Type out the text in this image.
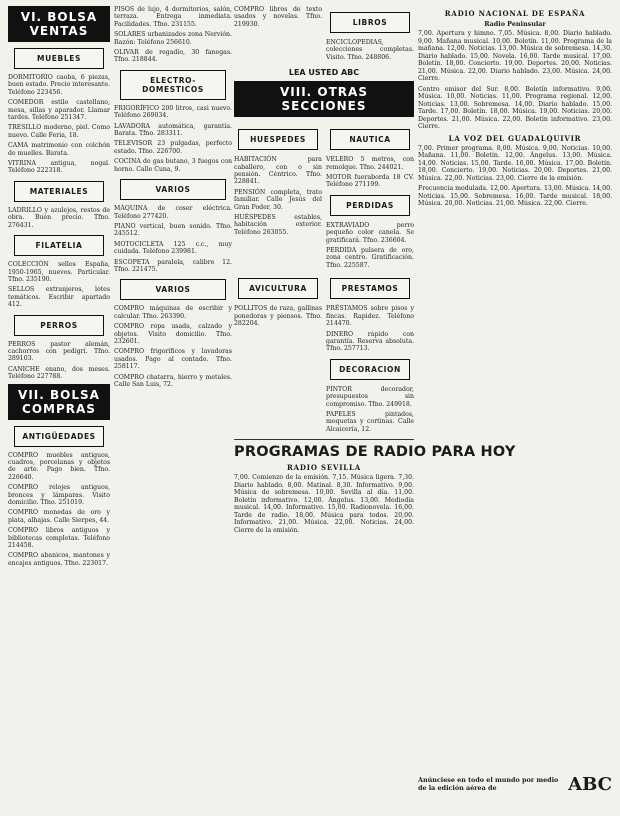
VI. BOLSA VENTAS
MUEBLES

DORMITORIO caoba, 6 piezas, buen estado. Precio interesante. Teléfono 223456.

COMEDOR estilo castellano, mesa, sillas y aparador. Llamar tardes. Teléfono 251347.

TRESILLO moderno, piel. Como nuevo. Calle Feria, 18.

CAMA matrimonio con colchón de muelles. Barata.

VITRINA antigua, nogal. Teléfono 222318.

MATERIALES

LADRILLO y azulejos, restos de obra. Buen precio. Tfno. 276431.

FILATELIA

COLECCIÓN sellos España, 1950-1965, nuevos. Particular. Tfno. 235190.

SELLOS extranjeros, lotes temáticos. Escribir apartado 412.

PERROS

PERROS pastor alemán, cachorros con pedigrí. Tfno. 289103.

CANICHE enano, dos meses. Teléfono 227788.

VII. BOLSA COMPRAS
ANTIGÜEDADES

COMPRO muebles antiguos, cuadros, porcelanas y objetos de arte. Pago bien. Tfno. 226640.

COMPRO relojes antiguos, bronces y lámparas. Visito domicilio. Tfno. 251019.

COMPRO monedas de oro y plata, alhajas. Calle Sierpes, 44.

COMPRO libros antiguos y bibliotecas completas. Teléfono 214458.

COMPRO abanicos, mantones y encajes antiguos. Tfno. 223017.

PISOS de lujo, 4 dormitorios, salón, terraza. Entrega inmediata. Facilidades. Tfno. 231155.

SOLARES urbanizados zona Nervión. Razón: Teléfono 256610.

OLIVAR de regadío, 30 fanegas. Tfno. 218844.

ELECTRO-DOMESTICOS

FRIGORÍFICO 200 litros, casi nuevo. Teléfono 269034.

LAVADORA automática, garantía. Barata. Tfno. 283311.

TELEVISOR 23 pulgadas, perfecto estado. Tfno. 226700.

COCINA de gas butano, 3 fuegos con horno. Calle Cuna, 9.

VARIOS

MÁQUINA de coser eléctrica. Teléfono 277420.

PIANO vertical, buen sonido. Tfno. 245512.

MOTOCICLETA 125 c.c., muy cuidada. Teléfono 239981.

ESCOPETA paralela, calibre 12. Tfno. 221475.

VARIOS

COMPRO máquinas de escribir y calcular. Tfno. 263390.

COMPRO ropa usada, calzado y objetos. Visito domicilio. Tfno. 232601.

COMPRO frigoríficos y lavadoras usados. Pago al contado. Tfno. 258117.

COMPRO chatarra, hierro y metales. Calle San Luis, 72.

COMPRO libros de texto usados y novelas. Tfno. 219930.	LIBROS

ENCICLOPEDIAS, colecciones completas. Visito. Tfno. 248806.

LEA USTED ABC
VIII. OTRAS SECCIONES
HUESPEDES

HABITACIÓN para caballero, con o sin pensión. Céntrico. Tfno. 228841.

PENSIÓN completa, trato familiar. Calle Jesús del Gran Poder, 30.

HUÉSPEDES estables, habitación exterior. Teléfono 263055.

NAUTICA

VELERO 5 metros, con remolque. Tfno. 244021.

MOTOR fueraborda 18 CV. Teléfono 271199.

PERDIDAS

EXTRAVIADO perro pequeño color canela. Se gratificará. Tfno. 236604.

PERDIDA pulsera de oro, zona centro. Gratificación. Tfno. 225587.

AVICULTURA

POLLITOS de raza, gallinas ponedoras y piensos. Tfno. 282204.

PRESTAMOS

PRÉSTAMOS sobre pisos y fincas. Rapidez. Teléfono 214470.

DINERO rápido con garantía. Reserva absoluta. Tfno. 257713.

DECORACION

PINTOR decorador, presupuestos sin compromiso. Tfno. 249918.

PAPELES pintados, moquetas y cortinas. Calle Alcaicería, 12.

PROGRAMAS DE RADIO PARA HOY
RADIO SEVILLA

7,00. Comienzo de la emisión. 7,15. Música ligera. 7,30. Diario hablado. 8,00. Matinal. 8,30. Informativo. 9,00. Música de sobremesa. 10,00. Sevilla al día. 11,00. Boletín informativo. 12,00. Ángelus. 13,00. Mediodía musical. 14,00. Informativo. 15,00. Radionovela. 16,00. Tarde de radio. 18,00. Música para todos. 20,00. Informativo. 21,00. Música. 22,00. Noticias. 24,00. Cierre de la emisión.

RADIO NACIONAL DE ESPAÑA
Radio Peninsular

7,00. Apertura y himno. 7,05. Música. 8,00. Diario hablado. 9,00. Mañana musical. 10,00. Boletín. 11,00. Programa de la mañana. 12,00. Noticias. 13,00. Música de sobremesa. 14,30. Diario hablado. 15,00. Novela. 16,00. Tarde musical. 17,00. Boletín. 18,00. Concierto. 19,00. Deportes. 20,00. Noticias. 21,00. Música. 22,00. Diario hablado. 23,00. Música. 24,00. Cierre.

Centro emisor del Sur. 8,00. Boletín informativo. 9,00. Música. 10,00. Noticias. 11,00. Programa regional. 12,00. Noticias. 13,00. Sobremesa. 14,00. Diario hablado. 15,00. Tarde. 17,00. Boletín. 18,00. Música. 19,00. Noticias. 20,00. Deportes. 21,00. Música. 22,00. Boletín informativo. 23,00. Cierre.

LA VOZ DEL GUADALQUIVIR

7,00. Primer programa. 8,00. Música. 9,00. Noticias. 10,00. Mañana. 11,00. Boletín. 12,00. Ángelus. 13,00. Música. 14,00. Noticias. 15,00. Tarde. 16,00. Música. 17,00. Boletín. 18,00. Concierto. 19,00. Noticias. 20,00. Deportes. 21,00. Música. 22,00. Noticias. 23,00. Cierre de la emisión.

Frecuencia modulada. 12,00. Apertura. 13,00. Música. 14,00. Noticias. 15,00. Sobremesa. 16,00. Tarde musical. 18,00. Música. 20,00. Noticias. 21,00. Música. 22,00. Cierre.

Anúnciese en todo el mundo por medio de la edición aérea de	ABC
